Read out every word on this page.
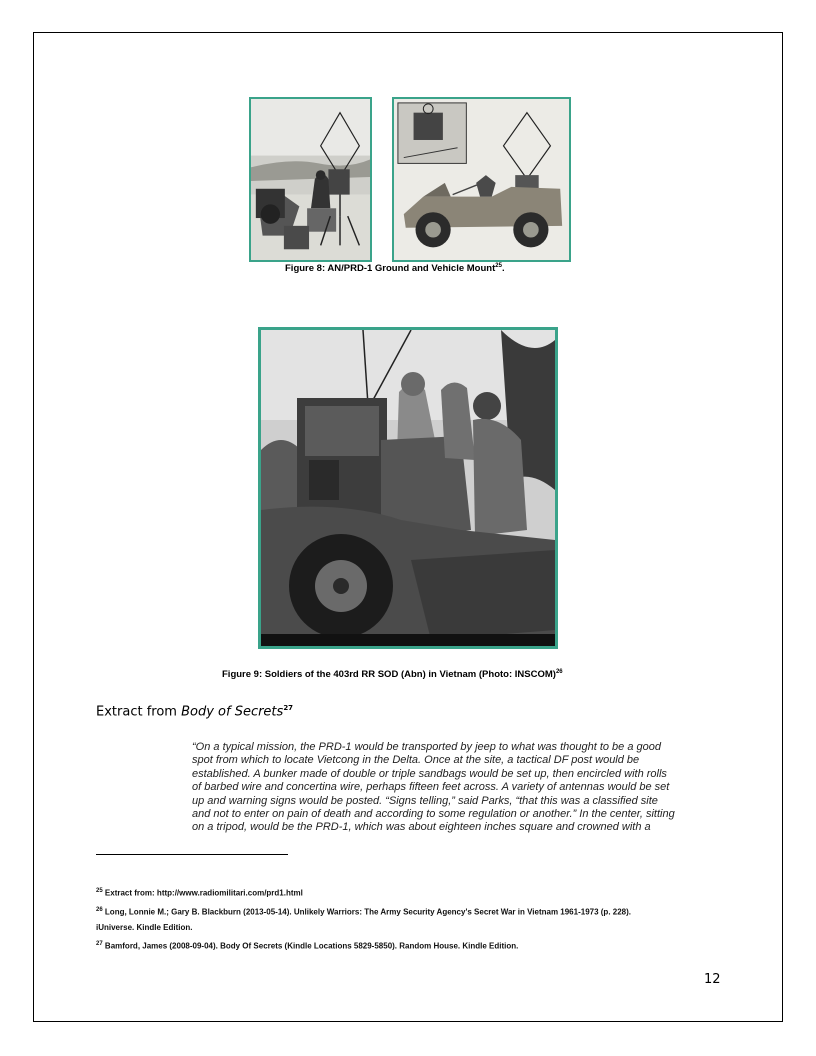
Figure 8: AN/PRD-1 Ground and Vehicle Mount$^{25}$.
Figure 9: Soldiers of the 403rd RR SOD (Abn) in Vietnam (Photo: INSCOM)$^{26}$
Extract from Body of Secrets$^{27}$
“On a typical mission, the PRD-1 would be transported by jeep to what was thought to be a good
spot from which to locate Vietcong in the Delta. Once at the site, a tactical DF post would be
established. A bunker made of double or triple sandbags would be set up, then encircled with rolls
of barbed wire and concertina wire, perhaps fifteen feet across. A variety of antennas would be set
up and warning signs would be posted. “Signs telling,” said Parks, “that this was a classified site
and not to enter on pain of death and according to some regulation or another.” In the center, sitting
on a tripod, would be the PRD-1, which was about eighteen inches square and crowned with a
$^{25}$ Extract from: http://www.radiomilitari.com/prd1.html
$^{26}$ Long, Lonnie M.; Gary B. Blackburn (2013-05-14). Unlikely Warriors: The Army Security Agency's Secret War in Vietnam 1961-1973 (p. 228).
iUniverse. Kindle Edition.
$^{27}$ Bamford, James (2008-09-04). Body Of Secrets (Kindle Locations 5829-5850). Random House. Kindle Edition.
12
